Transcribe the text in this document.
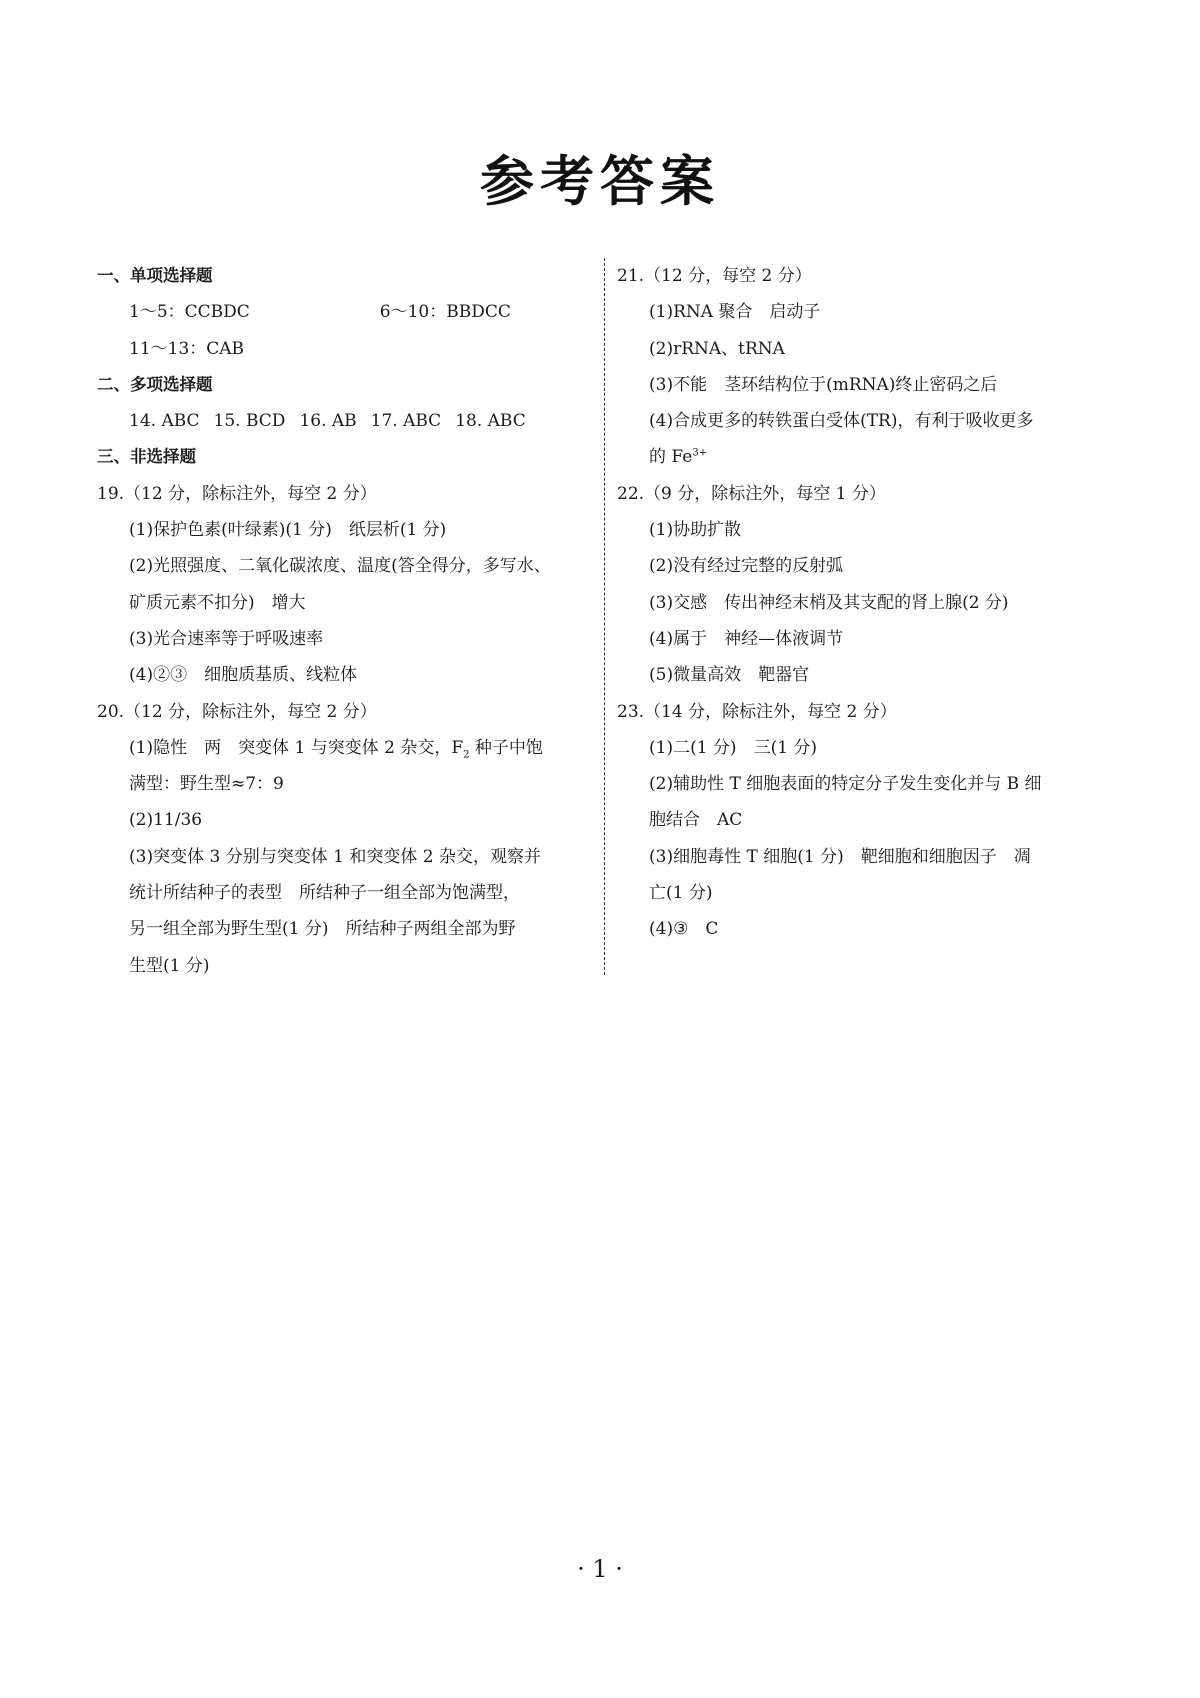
参考答案
一、单项选择题
1～5：CCBDC	6～10：BBDCC
11～13：CAB
二、多项选择题
14. ABC 15. BCD 16. AB 17. ABC 18. ABC
三、非选择题
19.（12 分，除标注外，每空 2 分）
(1)保护色素(叶绿素)(1 分)　纸层析(1 分)
(2)光照强度、二氧化碳浓度、温度(答全得分，多写水、
矿质元素不扣分)　增大
(3)光合速率等于呼吸速率
(4)②③　细胞质基质、线粒体
20.（12 分，除标注外，每空 2 分）
(1)隐性　两　突变体 1 与突变体 2 杂交，$F_2$ 种子中饱
满型：野生型≈7：9
(2)11/36
(3)突变体 3 分别与突变体 1 和突变体 2 杂交，观察并
统计所结种子的表型　所结种子一组全部为饱满型，
另一组全部为野生型(1 分)　所结种子两组全部为野
生型(1 分)
21.（12 分，每空 2 分）
(1)RNA 聚合　启动子
(2)rRNA、tRNA
(3)不能　茎环结构位于(mRNA)终止密码之后
(4)合成更多的转铁蛋白受体(TR)，有利于吸收更多
的 $Fe^{3+}$
22.（9 分，除标注外，每空 1 分）
(1)协助扩散
(2)没有经过完整的反射弧
(3)交感　传出神经末梢及其支配的肾上腺(2 分)
(4)属于　神经—体液调节
(5)微量高效　靶器官
23.（14 分，除标注外，每空 2 分）
(1)二(1 分)　三(1 分)
(2)辅助性 T 细胞表面的特定分子发生变化并与 B 细
胞结合　AC
(3)细胞毒性 T 细胞(1 分)　靶细胞和细胞因子　凋
亡(1 分)
(4)③　C
· 1 ·
